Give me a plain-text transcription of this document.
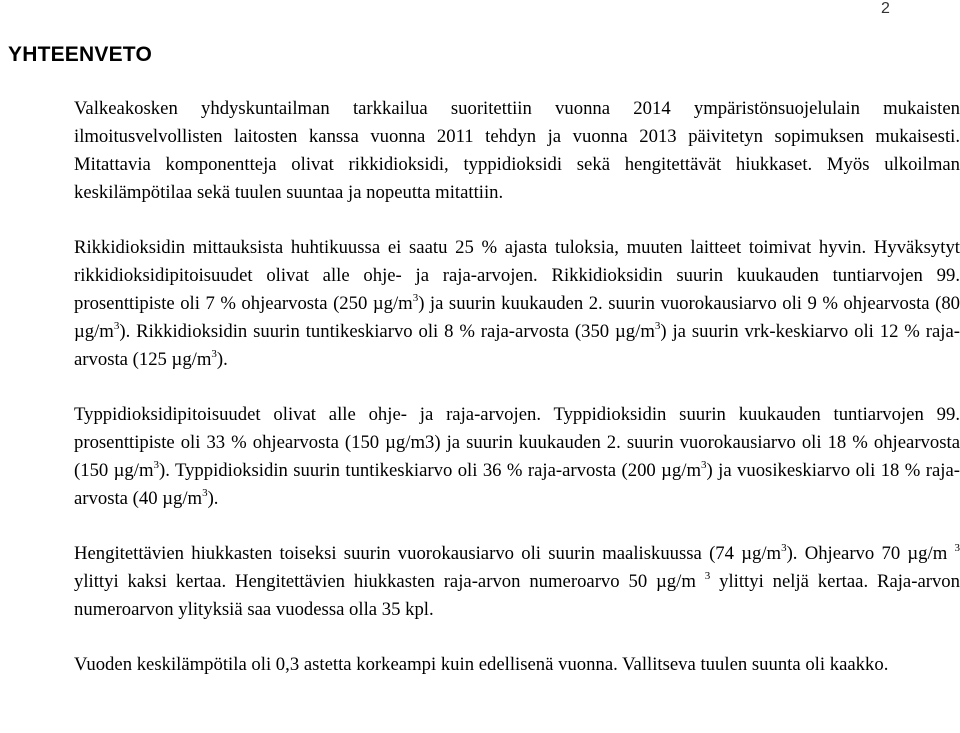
2
YHTEENVETO

Valkeakosken yhdyskuntailman tarkkailua suoritettiin vuonna 2014 ympäristönsuojelulain mukaisten ilmoitusvelvollisten laitosten kanssa vuonna 2011 tehdyn ja vuonna 2013 päivitetyn sopimuksen mukaisesti. Mitattavia komponentteja olivat rikkidioksidi, typpidioksidi sekä hengitettävät hiukkaset. Myös ulkoilman keskilämpötilaa sekä tuulen suuntaa ja nopeutta mitattiin.

Rikkidioksidin mittauksista huhtikuussa ei saatu 25 % ajasta tuloksia, muuten laitteet toimivat hyvin. Hyväksytyt rikkidioksidipitoisuudet olivat alle ohje- ja raja-arvojen. Rikkidioksidin suurin kuukauden tuntiarvojen 99. prosenttipiste oli 7 % ohjearvosta (250 $\mu g/m^3$) ja suurin kuukauden 2. suurin vuorokausiarvo oli 9 % ohjearvosta (80 $\mu g/m^3$). Rikkidioksidin suurin tuntikeskiarvo oli 8 % raja-arvosta (350 $\mu g/m^3$) ja suurin vrk-keskiarvo oli 12 % raja-arvosta (125 $\mu g/m^3$).

Typpidioksidipitoisuudet olivat alle ohje- ja raja-arvojen. Typpidioksidin suurin kuukauden tuntiarvojen 99. prosenttipiste oli 33 % ohjearvosta (150 µg/m3) ja suurin kuukauden 2. suurin vuorokausiarvo oli 18 % ohjearvosta (150 $\mu g/m^3$). Typpidioksidin suurin tuntikeskiarvo oli 36 % raja-arvosta (200 $\mu g/m^3$) ja vuosikeskiarvo oli 18 % raja-arvosta (40 $\mu g/m^3$).

Hengitettävien hiukkasten toiseksi suurin vuorokausiarvo oli suurin maaliskuussa (74 $\mu g/m^3$). Ohjearvo 70 µg/m $^3$ ylittyi kaksi kertaa. Hengitettävien hiukkasten raja-arvon numeroarvo 50 µg/m $^3$ ylittyi neljä kertaa. Raja-arvon numeroarvon ylityksiä saa vuodessa olla 35 kpl.

Vuoden keskilämpötila oli 0,3 astetta korkeampi kuin edellisenä vuonna. Vallitseva tuulen suunta oli kaakko.
